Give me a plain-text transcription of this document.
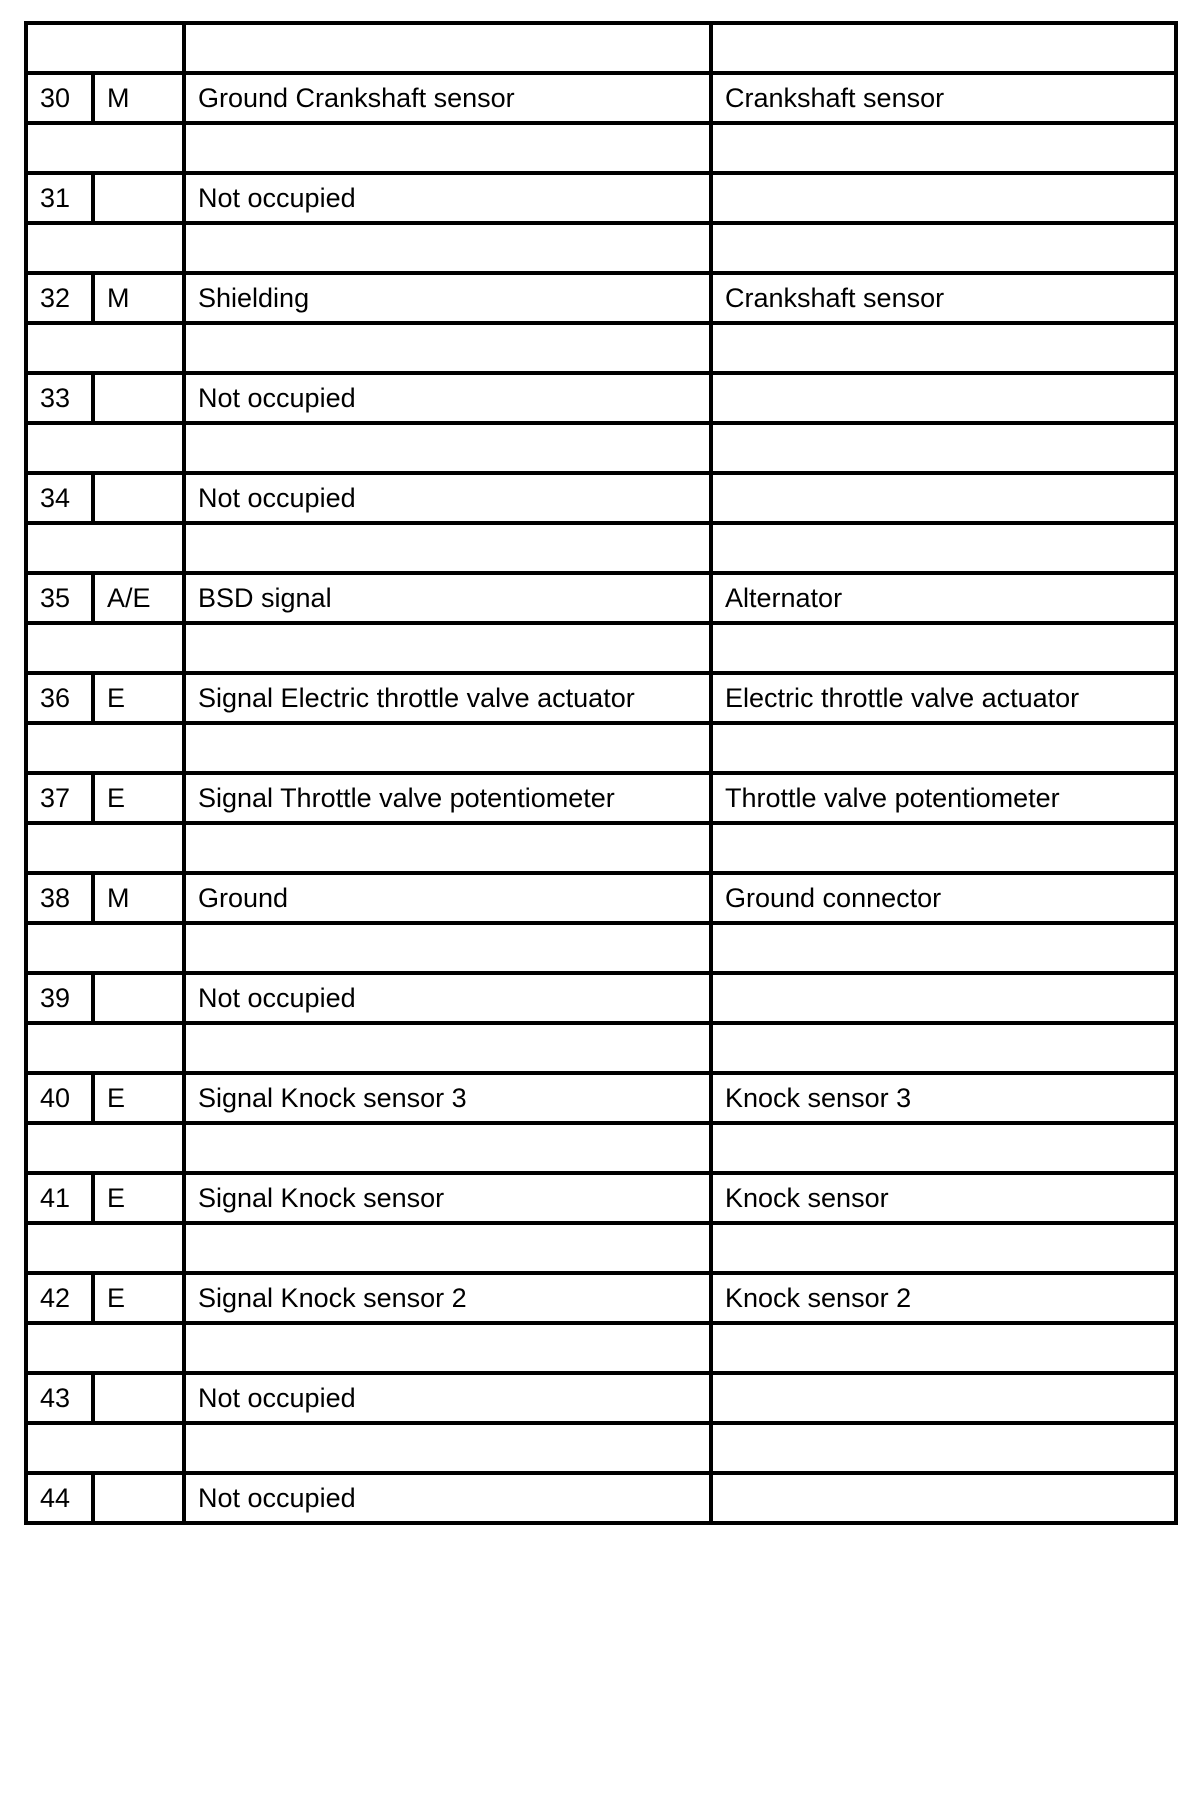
30	M	Ground Crankshaft sensor	Crankshaft sensor

31		Not occupied	

32	M	Shielding	Crankshaft sensor

33		Not occupied	

34		Not occupied	

35	A/E	BSD signal	Alternator

36	E	Signal Electric throttle valve actuator	Electric throttle valve actuator

37	E	Signal Throttle valve potentiometer	Throttle valve potentiometer

38	M	Ground	Ground connector

39		Not occupied	

40	E	Signal Knock sensor 3	Knock sensor 3

41	E	Signal Knock sensor	Knock sensor

42	E	Signal Knock sensor 2	Knock sensor 2

43		Not occupied	

44		Not occupied	
